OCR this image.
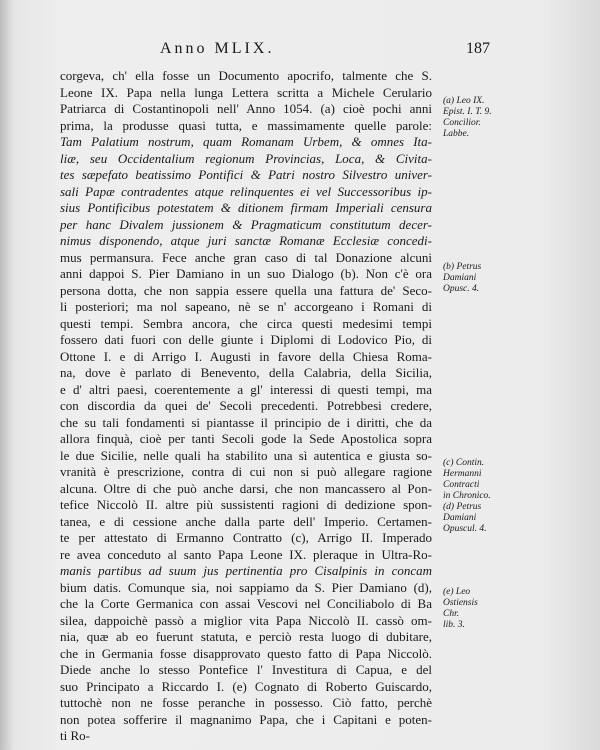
Anno MLIX.	187
corgeva, ch' ella fosse un Documento apocrifo, talmente che S.
Leone IX. Papa nella lunga Lettera scritta a Michele Cerulario
Patriarca di Costantinopoli nell' Anno 1054. (a) cioè pochi anni
prima, la produsse quasi tutta, e massimamente quelle parole:
Tam Palatium nostrum, quam Romanam Urbem, & omnes Ita-
liæ, seu Occidentalium regionum Provincias, Loca, & Civita-
tes sæpefato beatissimo Pontifici & Patri nostro Silvestro univer-
sali Papæ contradentes atque relinquentes ei vel Successoribus ip-
sius Pontificibus potestatem & ditionem firmam Imperiali censura
per hanc Divalem jussionem & Pragmaticum constitutum decer-
nimus disponendo, atque juri sanctæ Romanæ Ecclesiæ concedi-
mus permansura. Fece anche gran caso di tal Donazione alcuni
anni dappoi S. Pier Damiano in un suo Dialogo (b). Non c'è ora
persona dotta, che non sappia essere quella una fattura de' Seco-
li posteriori; ma nol sapeano, nè se n' accorgeano i Romani di
questi tempi. Sembra ancora, che circa questi medesimi tempi
fossero dati fuori con delle giunte i Diplomi di Lodovico Pio, di
Ottone I. e di Arrigo I. Augusti in favore della Chiesa Roma-
na, dove è parlato di Benevento, della Calabria, della Sicilia,
e d' altri paesi, coerentemente a gl' interessi di questi tempi, ma
con discordia da quei de' Secoli precedenti. Potrebbesi credere,
che su tali fondamenti si piantasse il principio de i diritti, che da
allora finquà, cioè per tanti Secoli gode la Sede Apostolica sopra
le due Sicilie, nelle quali ha stabilito una sì autentica e giusta so-
vranità è prescrizione, contra di cui non si può allegare ragione
alcuna. Oltre di che può anche darsi, che non mancassero al Pon-
tefice Niccolò II. altre più sussistenti ragioni di dedizione spon-
tanea, e di cessione anche dalla parte dell' Imperio. Certamen-
te per attestato di Ermanno Contratto (c), Arrigo II. Imperado
re avea conceduto al santo Papa Leone IX. pleraque in Ultra-Ro-
manis partibus ad suum jus pertinentia pro Cisalpinis in concam
bium datis. Comunque sia, noi sappiamo da S. Pier Damiano (d),
che la Corte Germanica con assai Vescovi nel Conciliabolo di Ba
silea, dappoichè passò a miglior vita Papa Niccolò II. cassò om-
nia, quæ ab eo fuerunt statuta, e perciò resta luogo di dubitare,
che in Germania fosse disapprovato questo fatto di Papa Niccolò.
Diede anche lo stesso Pontefice l' Investitura di Capua, e del
suo Principato a Riccardo I. (e) Cognato di Roberto Guiscardo,
tuttochè non ne fosse peranche in possesso. Ciò fatto, perchè
non potea sofferire il magnanimo Papa, che i Capitani e poten-
ti Ro-
(a) Leo IX.
Epist. I. T. 9.
Concilior.
Labbe.
(b) Petrus
Damiani
Opusc. 4.
(c) Contin.
Hermanni
Contracti
in Chronico.
(d) Petrus
Damiani
Opuscul. 4.
(e) Leo
Ostiensis
Chr.
lib. 3.
